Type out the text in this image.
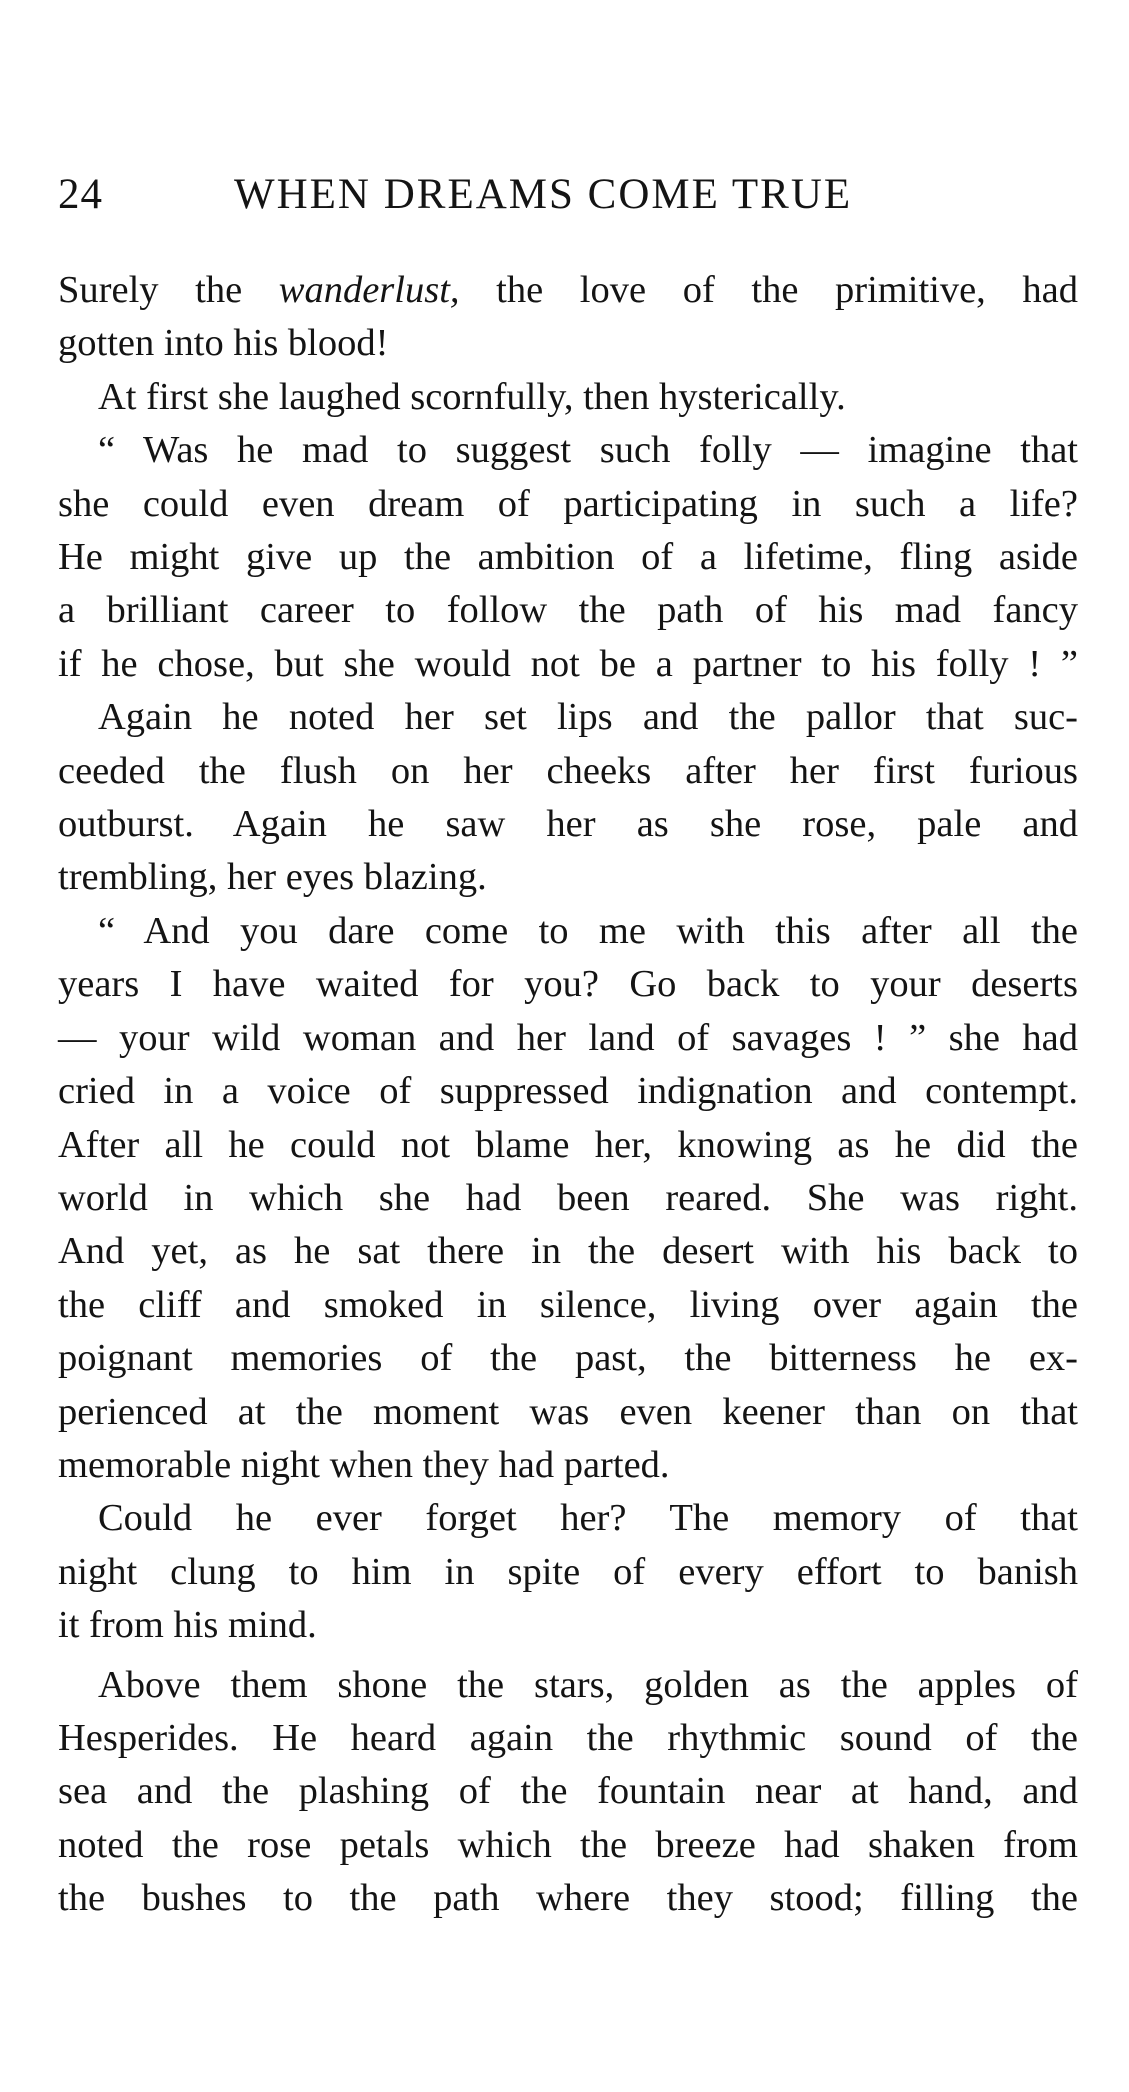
24	WHEN DREAMS COME TRUE

Surely the wanderlust, the love of the primitive, had
gotten into his blood!

At first she laughed scornfully, then hysterically.

“ Was he mad to suggest such folly — imagine that
she could even dream of participating in such a life?
He might give up the ambition of a lifetime, fling aside
a brilliant career to follow the path of his mad fancy
if he chose, but she would not be a partner to his folly ! ”

Again he noted her set lips and the pallor that suc-
ceeded the flush on her cheeks after her first furious
outburst. Again he saw her as she rose, pale and
trembling, her eyes blazing.

“ And you dare come to me with this after all the
years I have waited for you? Go back to your deserts
— your wild woman and her land of savages ! ” she had
cried in a voice of suppressed indignation and contempt.
After all he could not blame her, knowing as he did the
world in which she had been reared. She was right.
And yet, as he sat there in the desert with his back to
the cliff and smoked in silence, living over again the
poignant memories of the past, the bitterness he ex-
perienced at the moment was even keener than on that
memorable night when they had parted.

Could he ever forget her? The memory of that
night clung to him in spite of every effort to banish
it from his mind.

Above them shone the stars, golden as the apples of
Hesperides. He heard again the rhythmic sound of the
sea and the plashing of the fountain near at hand, and
noted the rose petals which the breeze had shaken from
the bushes to the path where they stood; filling the
